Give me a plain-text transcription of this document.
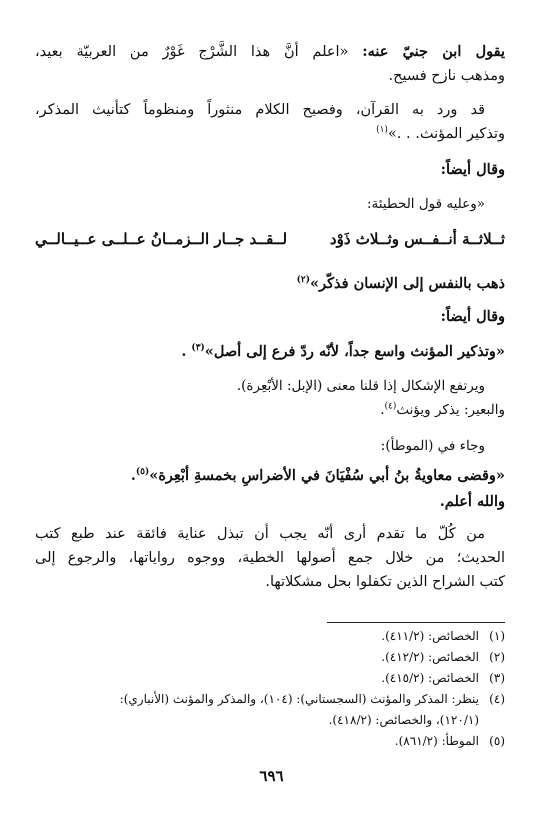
يقول ابن جنيّ عنه: «اعلم أنَّ هذا الشَّرْج غَوْرٌ من العربيّة بعيد،
ومذهب نازح فسيح.
قد ورد به القرآن، وفصيح الكلام منثوراً ومنظوماً كتأنيث المذكر،
وتذكير المؤنث. . .»$^{(١)}$
وقال أيضاً:
«وعليه قول الحطيئة:
ثــلاثــة أنــفــس وثــلاث ذَوْد
لــقــد جــار الــزمــانُ عــلــى عــيــالــي
ذهب بالنفس إلى الإنسان فذكّر»$^{(٢)}$
وقال أيضاً:
«وتذكير المؤنث واسع جداً، لأنّه ردّ فرع إلى أصل»$^{(٣)}$ .
ويرتفع الإشكال إذا قلنا معنى (الإبل: الأبْعِرة).
والبعير: يذكر ويؤنث$^{(٤)}$.
وجاء في (الموطأ):
«وقضى معاويةُ بنُ أبي سُفْيَانَ في الأضراسِ بخمسةِ أبْعِرة»$^{(٥)}$.
والله أعلم.
من كُلّ ما تقدم أرى أنّه يجب أن تبذل عناية فائقة عند طبع كتب
الحديث؛ من خلال جمع أصولها الخطية، ووجوه رواياتها، والرجوع إلى
كتب الشراح الذين تكفلوا بحل مشكلاتها.
(١)الخصائص: (٤١١/٢).
(٢)الخصائص: (٤١٢/٢).
(٣)الخصائص: (٤١٥/٢).
(٤)ينظر: المذكر والمؤنث (السجستاني): (١٠٤)، والمذكر والمؤنث (الأنباري):
(١٢٠/١)، والخصائص: (٤١٨/٢).
(٥)الموطأ: (٨٦١/٢).
٦٩٦
